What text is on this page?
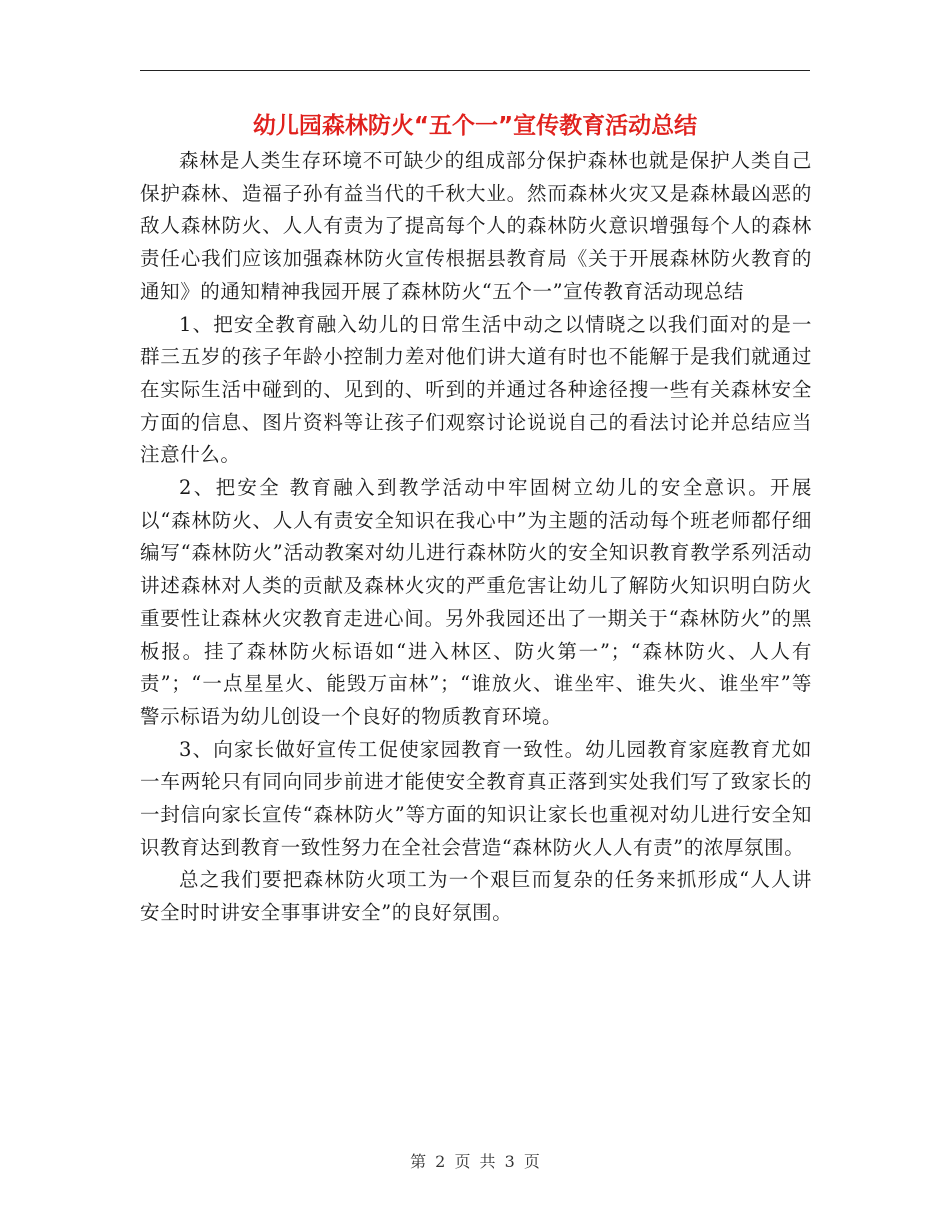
幼儿园森林防火“五个一”宣传教育活动总结

森林是人类生存环境不可缺少的组成部分保护森林也就是保护人类自己保护森林、造福子孙有益当代的千秋大业。然而森林火灾又是森林最凶恶的敌人森林防火、人人有责为了提高每个人的森林防火意识增强每个人的森林责任心我们应该加强森林防火宣传根据县教育局《关于开展森林防火教育的通知》的通知精神我园开展了森林防火“五个一”宣传教育活动现总结

1、把安全教育融入幼儿的日常生活中动之以情晓之以我们面对的是一群三五岁的孩子年龄小控制力差对他们讲大道有时也不能解于是我们就通过在实际生活中碰到的、见到的、听到的并通过各种途径搜一些有关森林安全方面的信息、图片资料等让孩子们观察讨论说说自己的看法讨论并总结应当注意什么。

2、把安全 教育融入到教学活动中牢固树立幼儿的安全意识。开展以“森林防火、人人有责安全知识在我心中”为主题的活动每个班老师都仔细编写“森林防火”活动教案对幼儿进行森林防火的安全知识教育教学系列活动讲述森林对人类的贡献及森林火灾的严重危害让幼儿了解防火知识明白防火重要性让森林火灾教育走进心间。另外我园还出了一期关于“森林防火”的黑板报。挂了森林防火标语如“进入林区、防火第一”；“森林防火、人人有责”；“一点星星火、能毁万亩林”；“谁放火、谁坐牢、谁失火、谁坐牢”等警示标语为幼儿创设一个良好的物质教育环境。

3、向家长做好宣传工促使家园教育一致性。幼儿园教育家庭教育尤如一车两轮只有同向同步前进才能使安全教育真正落到实处我们写了致家长的一封信向家长宣传“森林防火”等方面的知识让家长也重视对幼儿进行安全知识教育达到教育一致性努力在全社会营造“森林防火人人有责”的浓厚氛围。

总之我们要把森林防火项工为一个艰巨而复杂的任务来抓形成“人人讲安全时时讲安全事事讲安全”的良好氛围。

第 2 页 共 3 页
